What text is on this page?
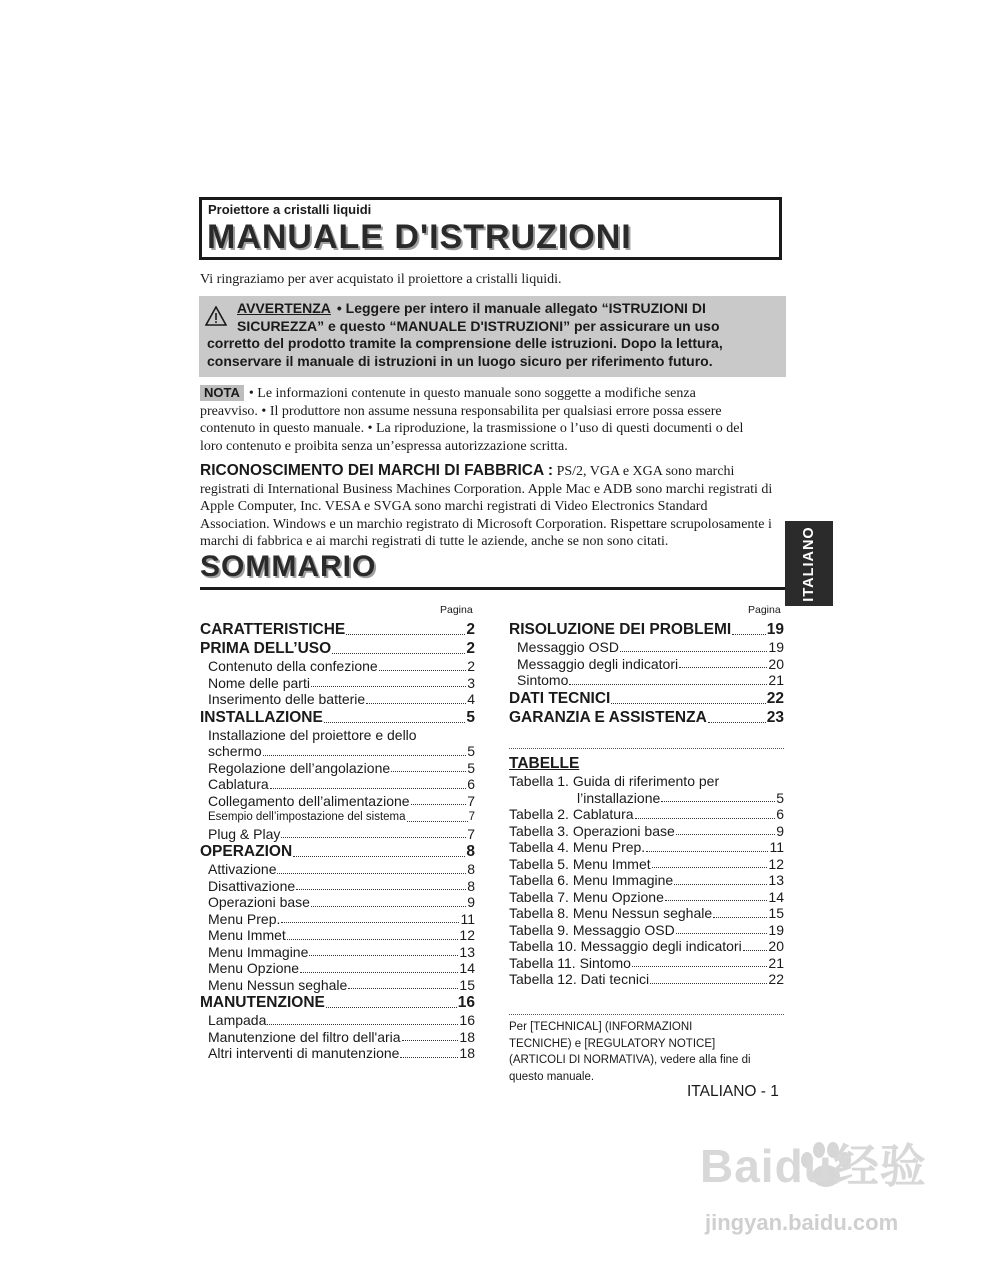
Proiettore a cristalli liquidi
MANUALE D'ISTRUZIONI
Vi ringraziamo per aver acquistato il proiettore a cristalli liquidi.
AVVERTENZA • Leggere per intero il manuale allegato “ISTRUZIONI DI
SICUREZZA” e questo “MANUALE D'ISTRUZIONI” per assicurare un uso
corretto del prodotto tramite la comprensione delle istruzioni. Dopo la lettura,
conservare il manuale di istruzioni in un luogo sicuro per riferimento futuro.
NOTA • Le informazioni contenute in questo manuale sono soggette a modifiche senza
preavviso. • Il produttore non assume nessuna responsabilita per qualsiasi errore possa essere
contenuto in questo manuale. • La riproduzione, la trasmissione o l’uso di questi documenti o del
loro contenuto e proibita senza un’espressa autorizzazione scritta.
RICONOSCIMENTO DEI MARCHI DI FABBRICA : PS/2, VGA e XGA sono marchi
registrati di International Business Machines Corporation. Apple Mac e ADB sono marchi registrati di
Apple Computer, Inc. VESA e SVGA sono marchi registrati di Video Electronics Standard
Association. Windows e un marchio registrato di Microsoft Corporation. Rispettare scrupolosamente i
marchi di fabbrica e ai marchi registrati di tutte le aziende, anche se non sono citati.	ITALIANO
SOMMARIO
Pagina	Pagina
CARATTERISTICHE	2
PRIMA DELL’USO	2
Contenuto della confezione	2
Nome delle parti	3
Inserimento delle batterie	4
INSTALLAZIONE	5
Installazione del proiettore e dello
schermo	5
Regolazione dell’angolazione	5
Cablatura	6
Collegamento dell’alimentazione	7
Esempio dell’impostazione del sistema	7
Plug & Play	7
OPERAZION	8
Attivazione	8
Disattivazione	8
Operazioni base	9
Menu Prep.	11
Menu Immet	12
Menu Immagine	13
Menu Opzione	14
Menu Nessun seghale	15
MANUTENZIONE	16
Lampada	16
Manutenzione del filtro dell'aria	18
Altri interventi di manutenzione	18
RISOLUZIONE DEI PROBLEMI 19
Messaggio OSD	19
Messaggio degli indicatori	20
Sintomo	21
DATI TECNICI	22
GARANZIA E ASSISTENZA	23
TABELLE
Tabella 1. Guida di riferimento per
l’installazione	5
Tabella 2. Cablatura	6
Tabella 3. Operazioni base	9
Tabella 4. Menu Prep.	11
Tabella 5. Menu Immet	12
Tabella 6. Menu Immagine	13
Tabella 7. Menu Opzione	14
Tabella 8. Menu Nessun seghale	15
Tabella 9. Messaggio OSD	19
Tabella 10. Messaggio degli indicatori 20
Tabella 11. Sintomo	21
Tabella 12. Dati tecnici	22
Per [TECHNICAL] (INFORMAZIONI
TECNICHE) e [REGULATORY NOTICE]
(ARTICOLI DI NORMATIVA), vedere alla fine di
questo manuale.
ITALIANO - 1
Baidu经验
jingyan.baidu.com
